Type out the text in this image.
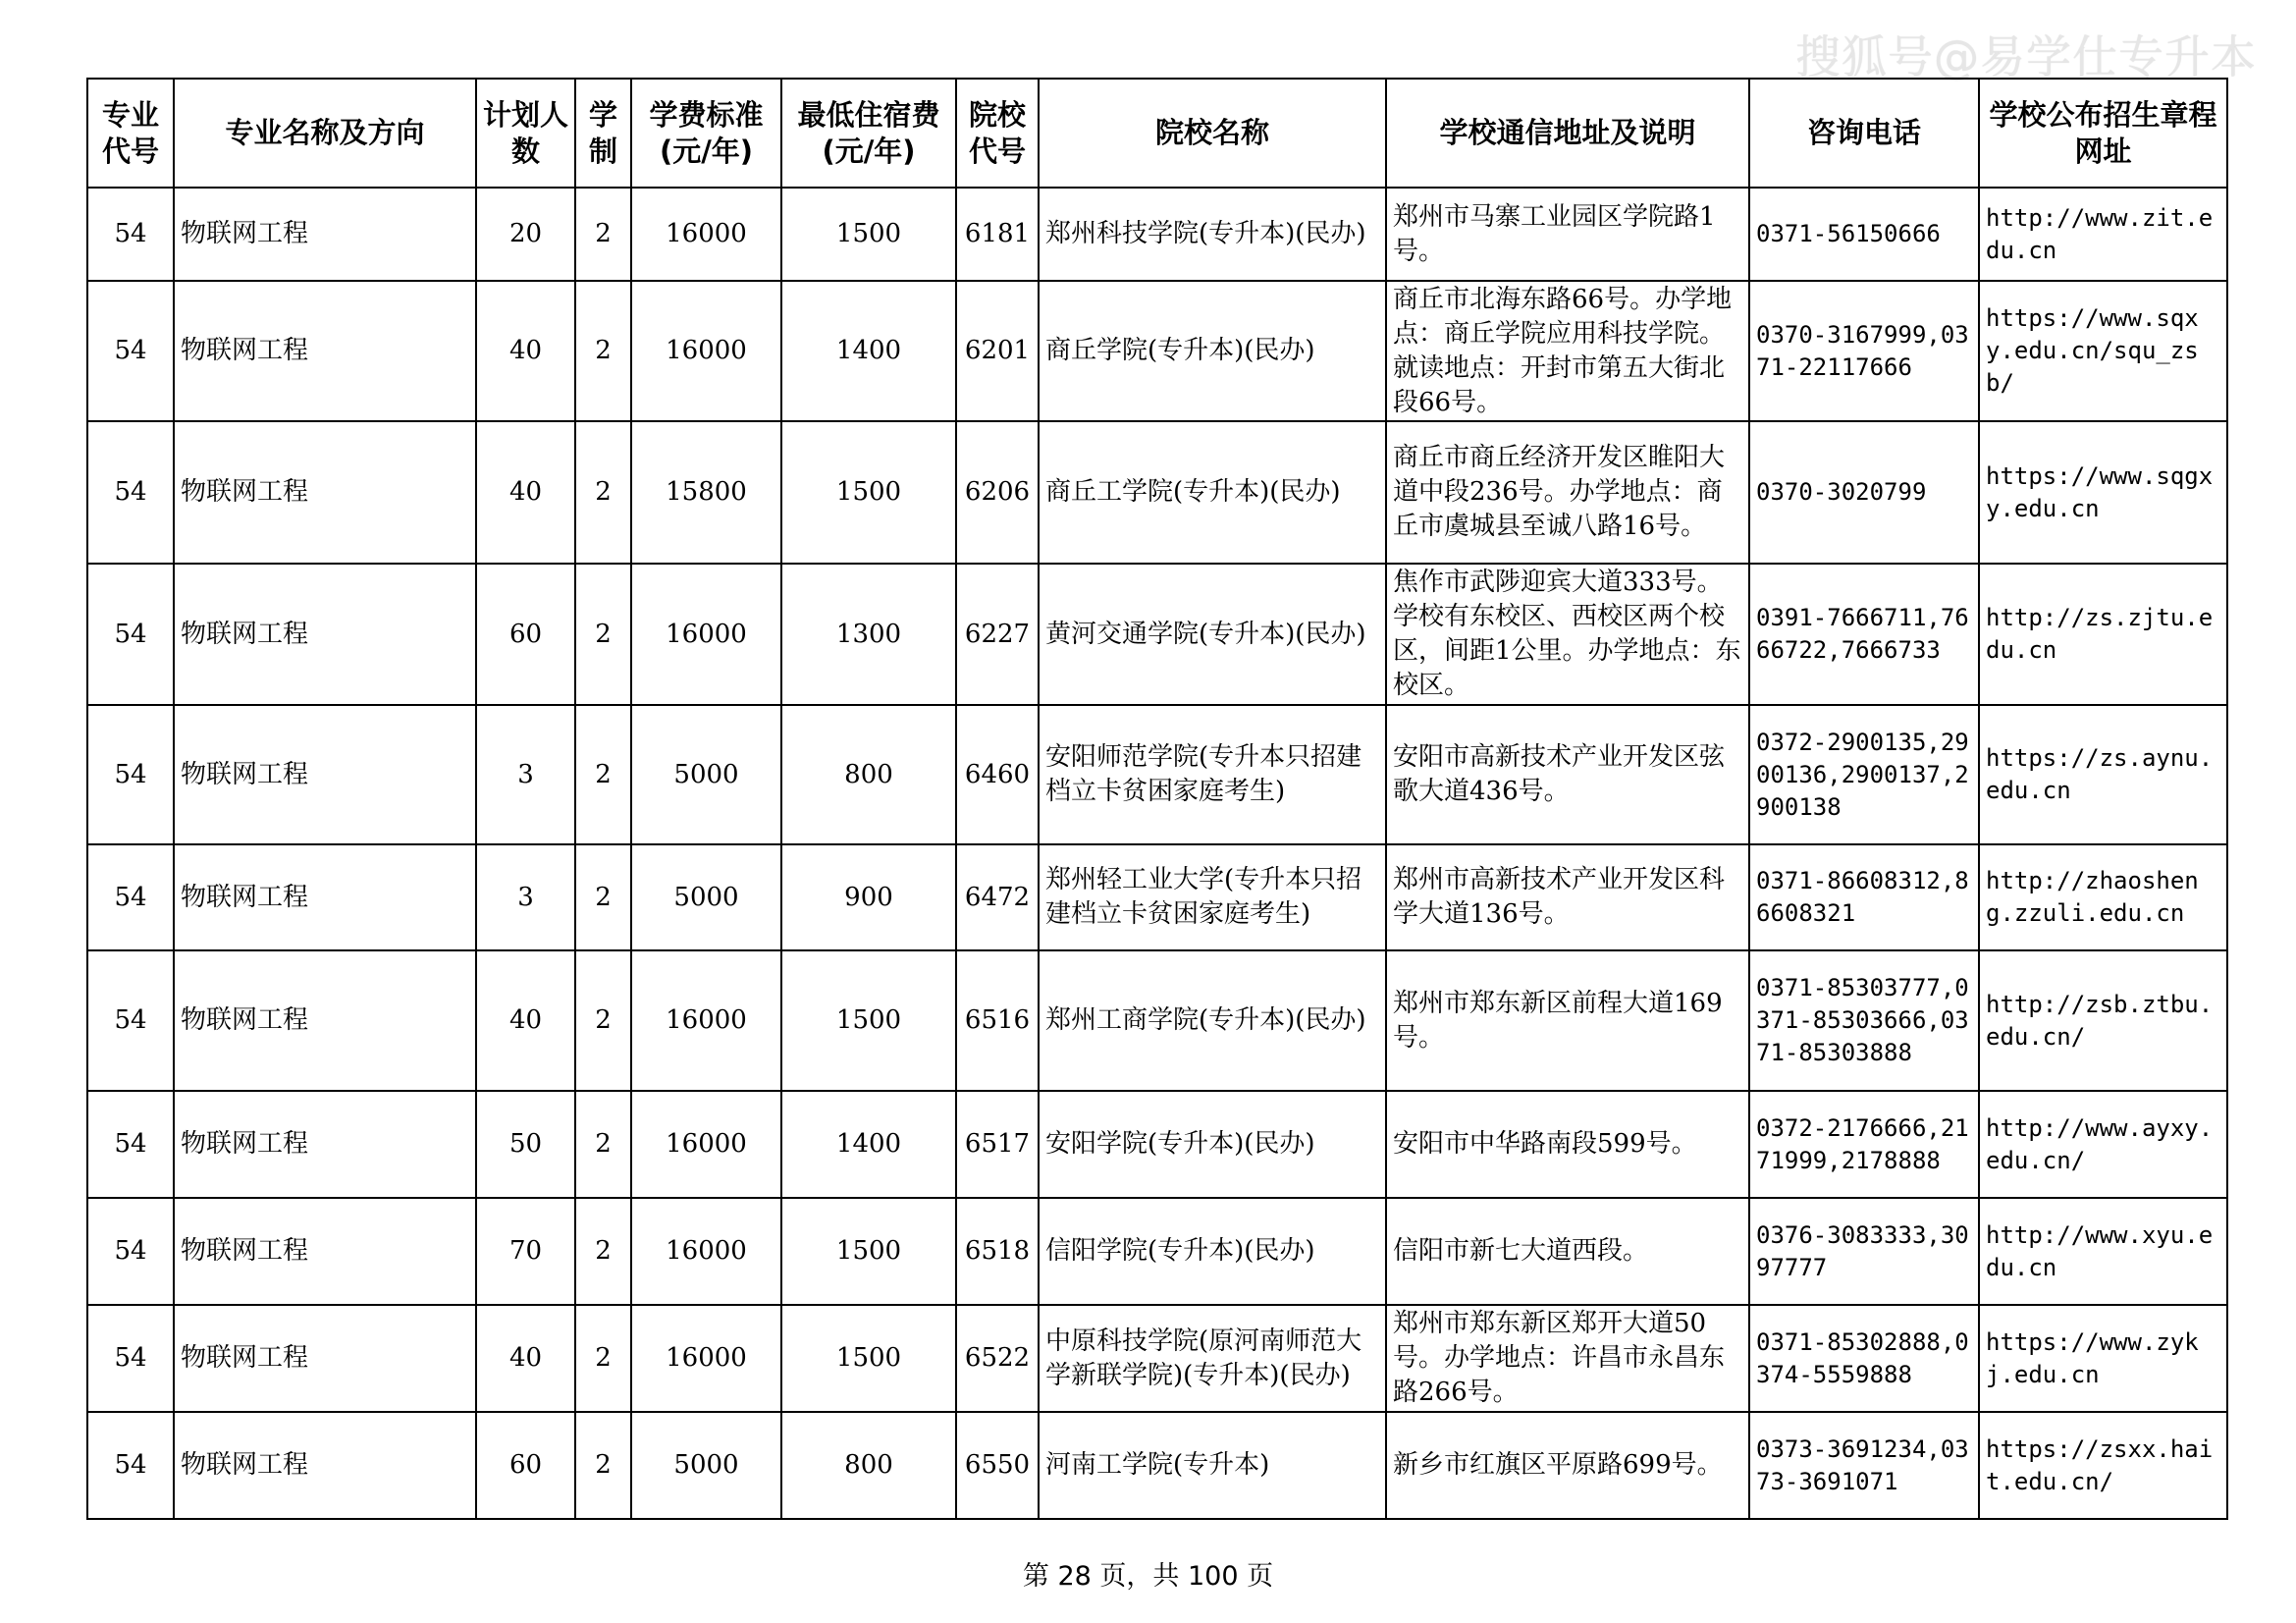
搜狐号@易学仕专升本
专业代号	专业名称及方向	计划人数	学制	学费标准(元/年)	最低住宿费(元/年)	院校代号	院校名称	学校通信地址及说明	咨询电话	学校公布招生章程网址
54	物联网工程	20	2	16000	1500	6181	郑州科技学院(专升本)(民办)	郑州市马寨工业园区学院路1号。	0371-56150666	http://www.zit.edu.cn
54	物联网工程	40	2	16000	1400	6201	商丘学院(专升本)(民办)	商丘市北海东路66号。办学地点：商丘学院应用科技学院。就读地点：开封市第五大街北段66号。	0370-3167999,0371-22117666	https://www.sqxy.edu.cn/squ_zsb/
54	物联网工程	40	2	15800	1500	6206	商丘工学院(专升本)(民办)	商丘市商丘经济开发区睢阳大道中段236号。办学地点：商丘市虞城县至诚八路16号。	0370-3020799	https://www.sqgxy.edu.cn
54	物联网工程	60	2	16000	1300	6227	黄河交通学院(专升本)(民办)	焦作市武陟迎宾大道333号。学校有东校区、西校区两个校区，间距1公里。办学地点：东校区。	0391-7666711,7666722,7666733	http://zs.zjtu.edu.cn
54	物联网工程	3	2	5000	800	6460	安阳师范学院(专升本只招建档立卡贫困家庭考生)	安阳市高新技术产业开发区弦歌大道436号。	0372-2900135,2900136,2900137,2900138	https://zs.aynu.edu.cn
54	物联网工程	3	2	5000	900	6472	郑州轻工业大学(专升本只招建档立卡贫困家庭考生)	郑州市高新技术产业开发区科学大道136号。	0371-86608312,86608321	http://zhaosheng.zzuli.edu.cn
54	物联网工程	40	2	16000	1500	6516	郑州工商学院(专升本)(民办)	郑州市郑东新区前程大道169号。	0371-85303777,0371-85303666,0371-85303888	http://zsb.ztbu.edu.cn/
54	物联网工程	50	2	16000	1400	6517	安阳学院(专升本)(民办)	安阳市中华路南段599号。	0372-2176666,2171999,2178888	http://www.ayxy.edu.cn/
54	物联网工程	70	2	16000	1500	6518	信阳学院(专升本)(民办)	信阳市新七大道西段。	0376-3083333,3097777	http://www.xyu.edu.cn
54	物联网工程	40	2	16000	1500	6522	中原科技学院(原河南师范大学新联学院)(专升本)(民办)	郑州市郑东新区郑开大道50号。办学地点：许昌市永昌东路266号。	0371-85302888,0374-5559888	https://www.zykj.edu.cn
54	物联网工程	60	2	5000	800	6550	河南工学院(专升本)	新乡市红旗区平原路699号。	0373-3691234,0373-3691071	https://zsxx.hait.edu.cn/
第 28 页，共 100 页
